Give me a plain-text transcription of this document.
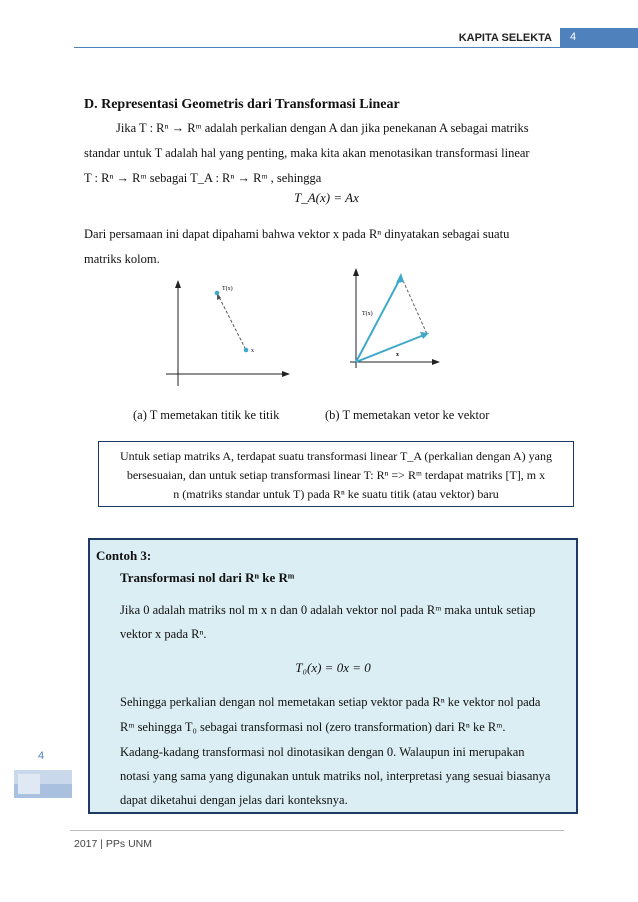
KAPITA SELEKTA 4
D. Representasi Geometris dari Transformasi Linear
Jika T : Rⁿ → Rᵐ adalah perkalian dengan A dan jika penekanan A sebagai matriks
standar untuk T adalah hal yang penting, maka kita akan menotasikan transformasi linear
T : Rⁿ → Rᵐ sebagai T_A : Rⁿ → Rᵐ , sehingga
T_A(x) = Ax
Dari persamaan ini dapat dipahami bahwa vektor x pada Rⁿ dinyatakan sebagai suatu
matriks kolom.
T(x)
x
T(x)
x
(a) T memetakan titik ke titik	(b) T memetakan vetor ke vektor
Untuk setiap matriks A, terdapat suatu transformasi linear T_A (perkalian dengan A) yang
bersesuaian, dan untuk setiap transformasi linear T: Rⁿ => Rᵐ terdapat matriks [T], m x
n (matriks standar untuk T) pada Rⁿ ke suatu titik (atau vektor) baru
Contoh 3:
Transformasi nol dari Rⁿ ke Rᵐ
Jika 0 adalah matriks nol m x n dan 0 adalah vektor nol pada Rᵐ maka untuk setiap
vektor x pada Rⁿ.
T₀(x) = 0x = 0
Sehingga perkalian dengan nol memetakan setiap vektor pada Rⁿ ke vektor nol pada
Rᵐ sehingga T₀ sebagai transformasi nol (zero transformation) dari Rⁿ ke Rᵐ.
Kadang-kadang transformasi nol dinotasikan dengan 0. Walaupun ini merupakan
notasi yang sama yang digunakan untuk matriks nol, interpretasi yang sesuai biasanya
dapat diketahui dengan jelas dari konteksnya.
4
2017 | PPs UNM
